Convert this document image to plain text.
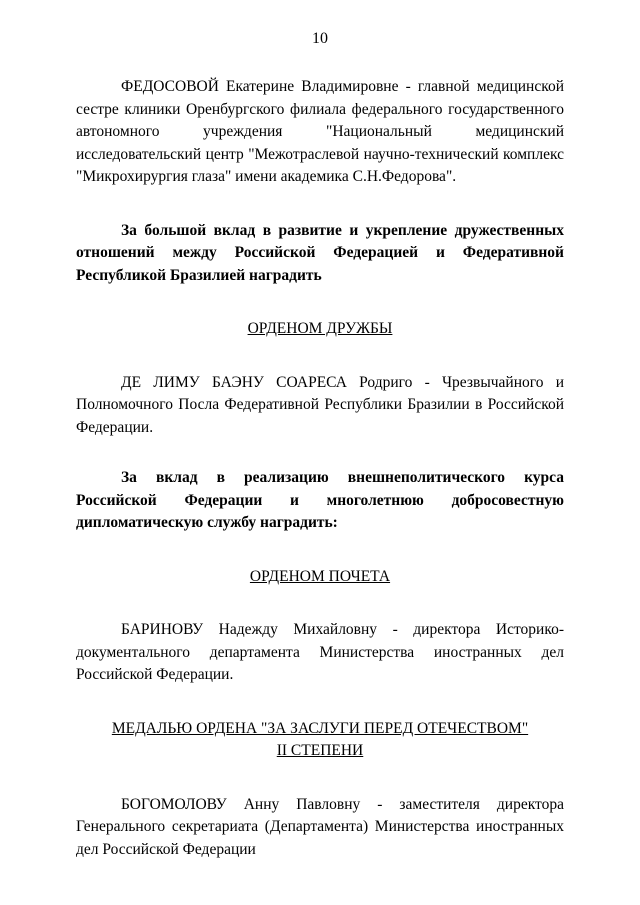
10

ФЕДОСОВОЙ Екатерине Владимировне - главной медицинской сестре клиники Оренбургского филиала федерального государственного автономного учреждения "Национальный медицинский исследовательский центр "Межотраслевой научно-технический комплекс "Микрохирургия глаза" имени академика С.Н.Федорова".

За большой вклад в развитие и укрепление дружественных отношений между Российской Федерацией и Федеративной Республикой Бразилией наградить

ОРДЕНОМ ДРУЖБЫ

ДЕ ЛИМУ БАЭНУ СОАРЕСА Родриго - Чрезвычайного и Полномочного Посла Федеративной Республики Бразилии в Российской Федерации.

За вклад в реализацию внешнеполитического курса Российской Федерации и многолетнюю добросовестную дипломатическую службу наградить:

ОРДЕНОМ ПОЧЕТА

БАРИНОВУ Надежду Михайловну - директора Историко-документального департамента Министерства иностранных дел Российской Федерации.

МЕДАЛЬЮ ОРДЕНА "ЗА ЗАСЛУГИ ПЕРЕД ОТЕЧЕСТВОМ"
II СТЕПЕНИ

БОГОМОЛОВУ Анну Павловну - заместителя директора Генерального секретариата (Департамента) Министерства иностранных дел Российской Федерации
